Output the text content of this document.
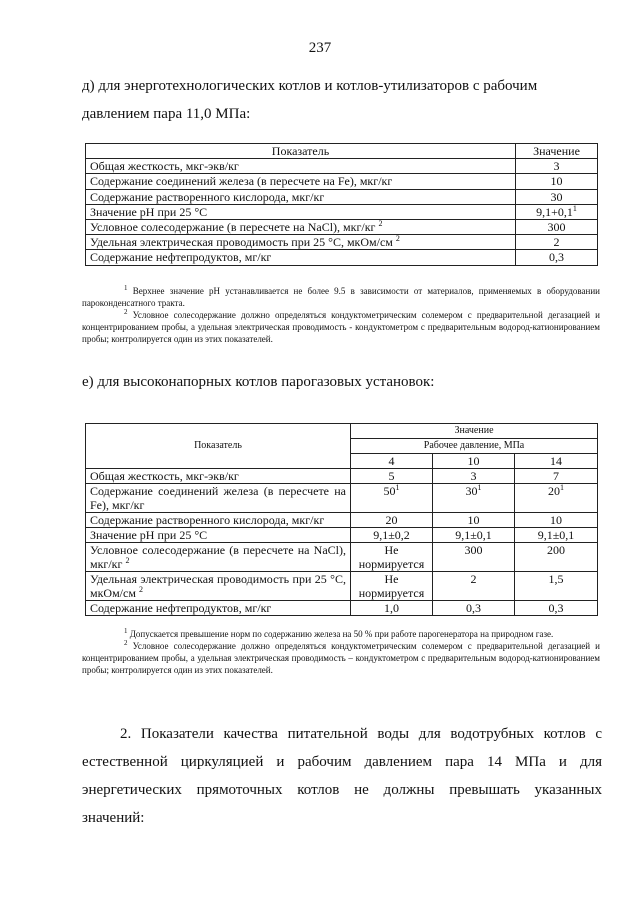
237
д) для энерготехнологических котлов и котлов-утилизаторов с рабочим давлением пара 11,0 МПа:
Показатель	Значение
Общая жесткость, мкг-экв/кг	3
Содержание соединений железа (в пересчете на Fe), мкг/кг	10
Содержание растворенного кислорода, мкг/кг	30
Значение рН при 25 °С	$9,1+0,1^1$
Условное солесодержание (в пересчете на NaCl), мкг/кг $^2$	300
Удельная электрическая проводимость при 25 °С, мкОм/см $^2$	2
Содержание нефтепродуктов, мг/кг	0,3

$^1$ Верхнее значение рН устанавливается не более 9.5 в зависимости от материалов, применяемых в оборудовании пароконденсатного тракта.

$^2$ Условное солесодержание должно определяться кондуктометрическим солемером с предварительной дегазацией и концентрированием пробы, а удельная электрическая проводимость - кондуктометром с предварительным водород-катионированием пробы; контролируется один из этих показателей.

е) для высоконапорных котлов парогазовых установок:
Показатель	Значение		
	Рабочее давление, МПа		
	4	10	14
Общая жесткость, мкг-экв/кг	5	3	7
Содержание соединений железа (в пересчете на Fe), мкг/кг	$50^1$	$30^1$	$20^1$
Содержание растворенного кислорода, мкг/кг	20	10	10
Значение рН при 25 °С	9,1±0,2	9,1±0,1	9,1±0,1
Условное солесодержание (в пересчете на NaCl), мкг/кг $^2$	Не нормируется	300	200
Удельная электрическая проводимость при 25 °С, мкОм/см $^2$	Не нормируется	2	1,5
Содержание нефтепродуктов, мг/кг	1,0	0,3	0,3

$^1$ Допускается превышение норм по содержанию железа на 50 % при работе парогенератора на природном газе.

$^2$ Условное солесодержание должно определяться кондуктометрическим солемером с предварительной дегазацией и концентрированием пробы, а удельная электрическая проводимость – кондуктометром с предварительным водород-катионированием пробы; контролируется один из этих показателей.

2. Показатели качества питательной воды для водотрубных котлов с естественной циркуляцией и рабочим давлением пара 14 МПа и для энергетических прямоточных котлов не должны превышать указанных значений:
